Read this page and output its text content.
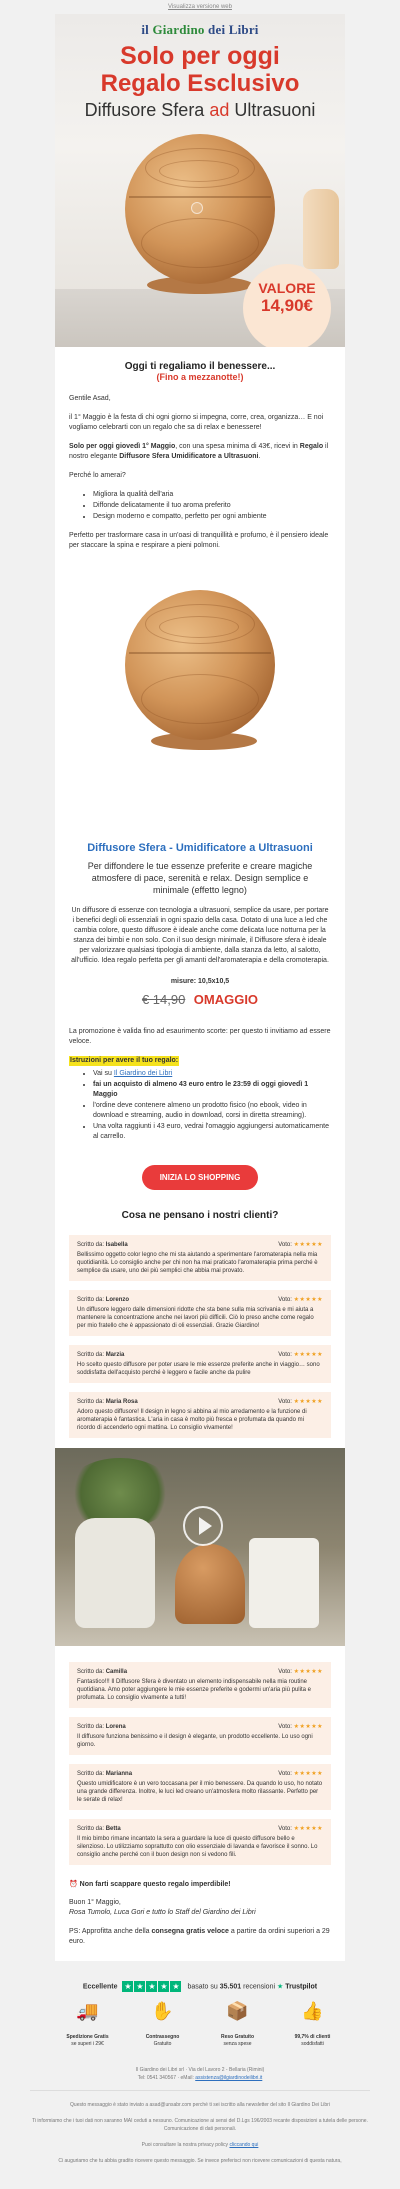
Visualizza versione web
il Giardino dei Libri
Solo per oggi
Regalo Esclusivo
Diffusore Sfera ad Ultrasuoni
VALORE
14,90€
Oggi ti regaliamo il benessere...
(Fino a mezzanotte!)

Gentile Asad,

il 1° Maggio è la festa di chi ogni giorno si impegna, corre, crea, organizza… E noi vogliamo celebrarti con un regalo che sa di relax e benessere!

Solo per oggi giovedì 1° Maggio, con una spesa minima di 43€, ricevi in Regalo il nostro elegante Diffusore Sfera Umidificatore a Ultrasuoni.

Perché lo amerai?

• Migliora la qualità dell'aria
• Diffonde delicatamente il tuo aroma preferito
• Design moderno e compatto, perfetto per ogni ambiente

Perfetto per trasformare casa in un'oasi di tranquillità e profumo, è il pensiero ideale per staccare la spina e respirare a pieni polmoni.

Diffusore Sfera - Umidificatore a Ultrasuoni
Per diffondere le tue essenze preferite e creare magiche atmosfere di pace, serenità e relax. Design semplice e minimale (effetto legno)
Un diffusore di essenze con tecnologia a ultrasuoni, semplice da usare, per portare i benefici degli oli essenziali in ogni spazio della casa. Dotato di una luce a led che cambia colore, questo diffusore è ideale anche come delicata luce notturna per la stanza dei bimbi e non solo. Con il suo design minimale, il Diffusore sfera è ideale per valorizzare qualsiasi tipologia di ambiente, dalla stanza da letto, al salotto, all'ufficio. Idea regalo perfetta per gli amanti dell'aromaterapia e della cromoterapia.
misure: 10,5x10,5
€ 14,90 OMAGGIO

La promozione è valida fino ad esaurimento scorte: per questo ti invitiamo ad essere veloce.

Istruzioni per avere il tuo regalo:

• Vai su Il Giardino dei Libri
• fai un acquisto di almeno 43 euro entro le 23:59 di oggi giovedì 1 Maggio
• l'ordine deve contenere almeno un prodotto fisico (no ebook, video in download e streaming, audio in download, corsi in diretta streaming).
• Una volta raggiunti i 43 euro, vedrai l'omaggio aggiungersi automaticamente al carrello.
INIZIA LO SHOPPING
Cosa ne pensano i nostri clienti?
Scritto da: Isabella	Voto: ★★★★★
Bellissimo oggetto color legno che mi sta aiutando a sperimentare l'aromaterapia nella mia quotidianità. Lo consiglio anche per chi non ha mai praticato l'aromaterapia prima perché è semplice da usare, uno dei più semplici che abbia mai provato.
Scritto da: Lorenzo	Voto: ★★★★★
Un diffusore leggero dalle dimensioni ridotte che sta bene sulla mia scrivania e mi aiuta a mantenere la concentrazione anche nei lavori più difficili. Ciò lo preso anche come regalo per mio fratello che è appassionato di oli essenziali. Grazie Giardino!
Scritto da: Marzia	Voto: ★★★★★
Ho scelto questo diffusore per poter usare le mie essenze preferite anche in viaggio… sono soddisfatta dell'acquisto perché è leggero e facile anche da pulire
Scritto da: Maria Rosa	Voto: ★★★★★
Adoro questo diffusore! Il design in legno si abbina al mio arredamento e la funzione di aromaterapia è fantastica. L'aria in casa è molto più fresca e profumata da quando mi ricordo di accenderlo ogni mattina. Lo consiglio vivamente!
Scritto da: Camilla	Voto: ★★★★★
Fantastico!!! Il Diffusore Sfera è diventato un elemento indispensabile nella mia routine quotidiana. Amo poter aggiungere le mie essenze preferite e godermi un'aria più pulita e profumata. Lo consiglio vivamente a tutti!
Scritto da: Lorena	Voto: ★★★★★
Il diffusore funziona benissimo e il design è elegante, un prodotto eccellente. Lo uso ogni giorno.
Scritto da: Marianna	Voto: ★★★★★
Questo umidificatore è un vero toccasana per il mio benessere. Da quando lo uso, ho notato una grande differenza. Inoltre, le luci led creano un'atmosfera molto rilassante. Perfetto per le serate di relax!
Scritto da: Betta	Voto: ★★★★★
Il mio bimbo rimane incantato la sera a guardare la luce di questo diffusore bello e silenzioso. Lo utilizziamo soprattutto con olio essenziale di lavanda e favorisce il sonno. Lo consiglio anche perché con il buon design non si vedono fili.

⏰ Non farti scappare questo regalo imperdibile!

Buon 1° Maggio,

Rosa Tumolo, Luca Gori e tutto lo Staff del Giardino dei Libri

PS: Approfitta anche della consegna gratis veloce a partire da ordini superiori a 29 euro.

Eccellente ★ ★ ★ ★ ★ basato su 35.501 recensioni ★ Trustpilot
🚚
Spedizione Gratis
se superi i 29€
✋
Contrassegno
Gratuito
📦
Reso Gratuito
senza spese
👍
99,7% di clienti
soddisfatti

Il Giardino dei Libri srl · Via del Lavoro 2 - Bellaria (Rimini)

Tel: 0541 340567 · eMail: assistenza@ilgiardinodeilibri.it

Questo messaggio è stato inviato a asad@unsabr.com perché ti sei iscritto alla newsletter del sito Il Giardino Dei Libri

Ti informiamo che i tuoi dati non saranno MAI ceduti a nessuno. Comunicazione ai sensi del D.Lgs 196/2003 recante disposizioni a tutela delle persone. Comunicazione di dati personali.

Puoi consultare la nostra privacy policy cliccando qui

Ci auguriamo che tu abbia gradito ricevere questo messaggio. Se invece preferisci non ricevere comunicazioni di questa natura,
